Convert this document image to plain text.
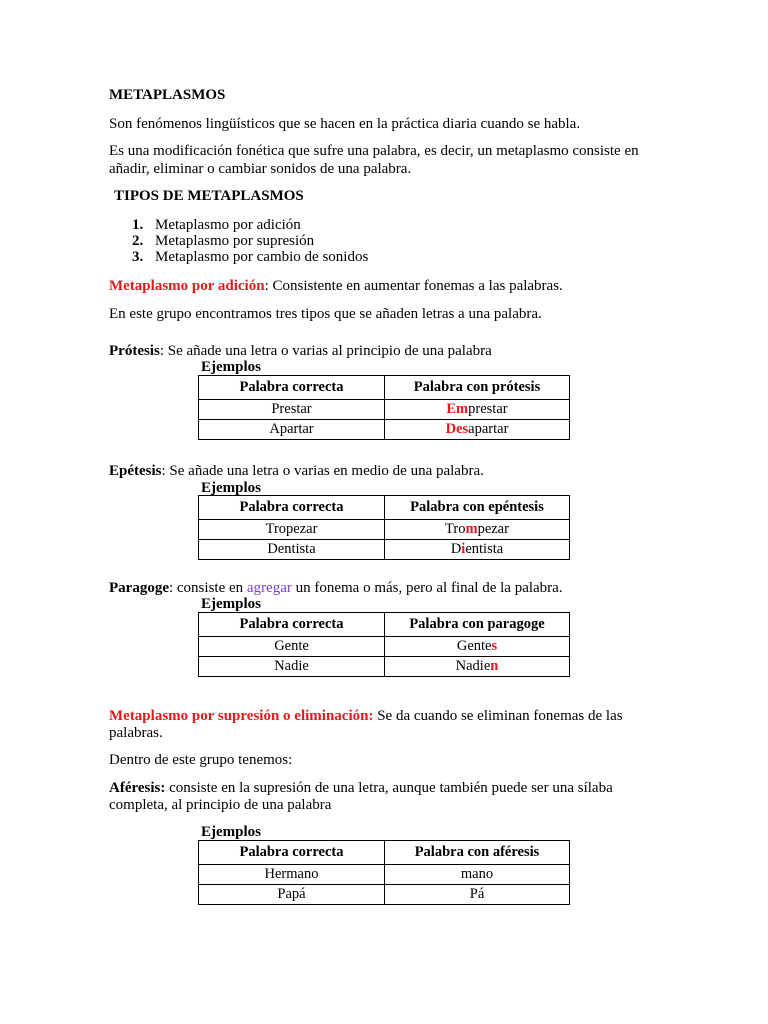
METAPLASMOS
Son fenómenos lingüísticos que se hacen en la práctica diaria cuando se habla.
Es una modificación fonética que sufre una palabra, es decir, un metaplasmo consiste en
añadir, eliminar o cambiar sonidos de una palabra.
TIPOS DE METAPLASMOS
1. Metaplasmo por adición
2. Metaplasmo por supresión
3. Metaplasmo por cambio de sonidos
Metaplasmo por adición: Consistente en aumentar fonemas a las palabras.
En este grupo encontramos tres tipos que se añaden letras a una palabra.
Prótesis: Se añade una letra o varias al principio de una palabra
Ejemplos
Palabra correcta	Palabra con prótesis
Prestar	Emprestar
Apartar	Desapartar
Epétesis: Se añade una letra o varias en medio de una palabra.
Ejemplos
Palabra correcta	Palabra con epéntesis
Tropezar	Trompezar
Dentista	Dientista
Paragoge: consiste en agregar un fonema o más, pero al final de la palabra.
Ejemplos
Palabra correcta	Palabra con paragoge
Gente	Gentes
Nadie	Nadien
Metaplasmo por supresión o eliminación: Se da cuando se eliminan fonemas de las
palabras.
Dentro de este grupo tenemos:
Aféresis: consiste en la supresión de una letra, aunque también puede ser una sílaba
completa, al principio de una palabra
Ejemplos
Palabra correcta	Palabra con aféresis
Hermano	mano
Papá	Pá
